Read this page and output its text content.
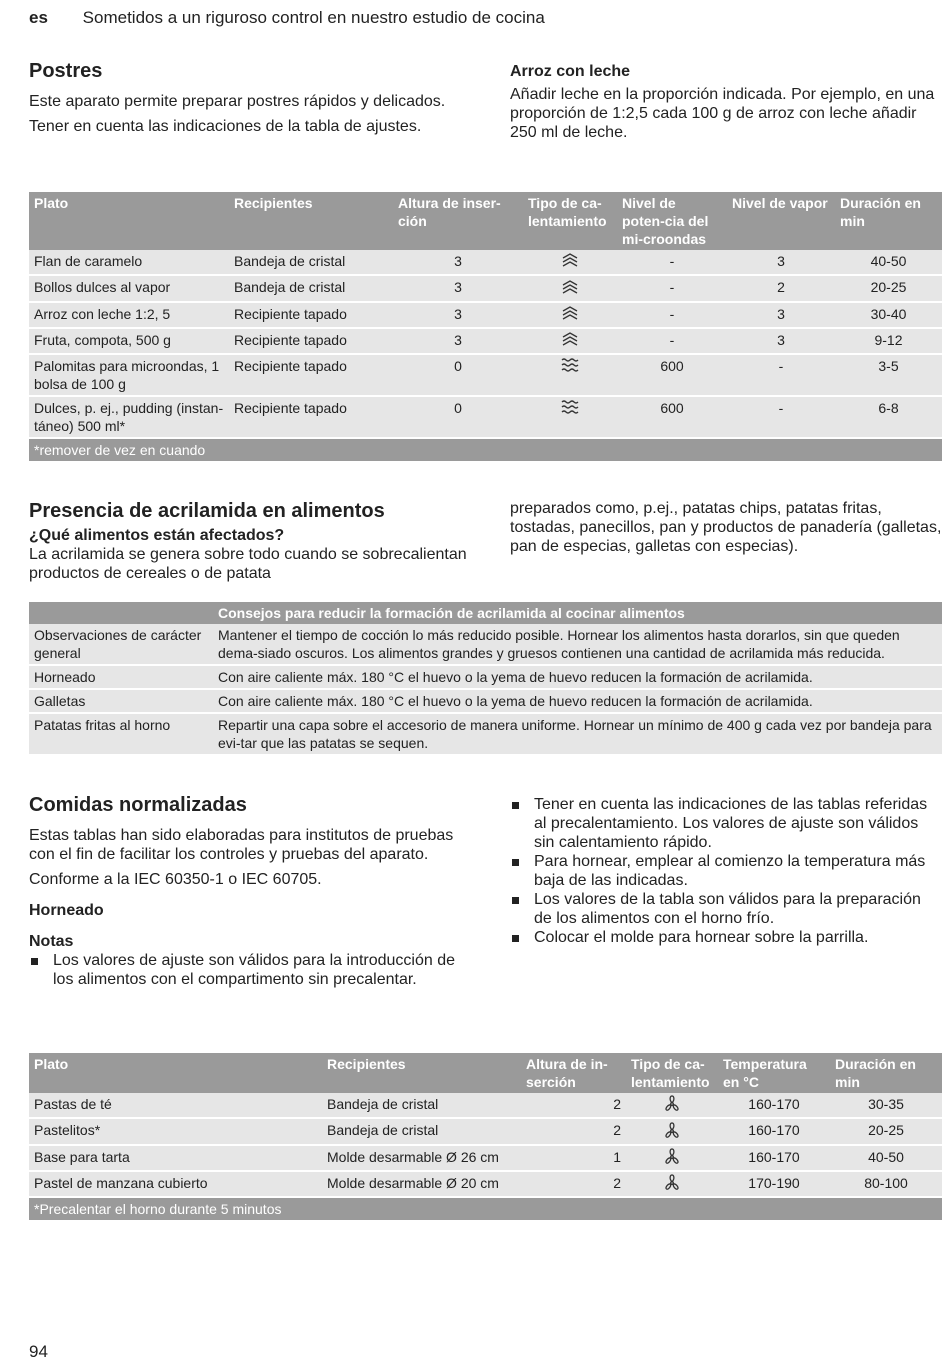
es Sometidos a un riguroso control en nuestro estudio de cocina
Postres

Este aparato permite preparar postres rápidos y delicados.

Tener en cuenta las indicaciones de la tabla de ajustes.

Arroz con leche

Añadir leche en la proporción indicada. Por ejemplo, en una proporción de 1:2,5 cada 100 g de arroz con leche añadir 250 ml de leche.

Plato	Recipientes	Altura de inser-ción	Tipo de ca-lentamiento	Nivel de poten-cia del mi-croondas	Nivel de vapor	Duración en min
Flan de caramelo	Bandeja de cristal	3		-	3	40-50
Bollos dulces al vapor	Bandeja de cristal	3		-	2	20-25
Arroz con leche 1:2, 5	Recipiente tapado	3		-	3	30-40
Fruta, compota, 500 g	Recipiente tapado	3		-	3	9-12
Palomitas para microondas, 1 bolsa de 100 g	Recipiente tapado	0		600	-	3-5
Dulces, p. ej., pudding (instan-táneo) 500 ml*	Recipiente tapado	0		600	-	6-8
*remover de vez en cuando						
Presencia de acrilamida en alimentos
¿Qué alimentos están afectados?

La acrilamida se genera sobre todo cuando se sobrecalientan productos de cereales o de patata

preparados como, p.ej., patatas chips, patatas fritas, tostadas, panecillos, pan y productos de panadería (galletas, pan de especias, galletas con especias).

	Consejos para reducir la formación de acrilamida al cocinar alimentos
Observaciones de carácter general	Mantener el tiempo de cocción lo más reducido posible. Hornear los alimentos hasta dorarlos, sin que queden dema-siado oscuros. Los alimentos grandes y gruesos contienen una cantidad de acrilamida más reducida.
Horneado	Con aire caliente máx. 180 °C el huevo o la yema de huevo reducen la formación de acrilamida.
Galletas	Con aire caliente máx. 180 °C el huevo o la yema de huevo reducen la formación de acrilamida.
Patatas fritas al horno	Repartir una capa sobre el accesorio de manera uniforme. Hornear un mínimo de 400 g cada vez por bandeja para evi-tar que las patatas se sequen.
Comidas normalizadas

Estas tablas han sido elaboradas para institutos de pruebas con el fin de facilitar los controles y pruebas del aparato.

Conforme a la IEC 60350-1 o IEC 60705.

Horneado
Notas
Los valores de ajuste son válidos para la introducción de los alimentos con el compartimento sin precalentar.
Tener en cuenta las indicaciones de las tablas referidas al precalentamiento. Los valores de ajuste son válidos sin calentamiento rápido.
Para hornear, emplear al comienzo la temperatura más baja de las indicadas.
Los valores de la tabla son válidos para la preparación de los alimentos con el horno frío.
Colocar el molde para hornear sobre la parrilla.
Plato	Recipientes	Altura de in-serción	Tipo de ca-lentamiento	Temperatura en °C	Duración en min
Pastas de té	Bandeja de cristal	2		160-170	30-35
Pastelitos*	Bandeja de cristal	2		160-170	20-25
Base para tarta	Molde desarmable Ø 26 cm	1		160-170	40-50
Pastel de manzana cubierto	Molde desarmable Ø 20 cm	2		170-190	80-100
*Precalentar el horno durante 5 minutos					
94
